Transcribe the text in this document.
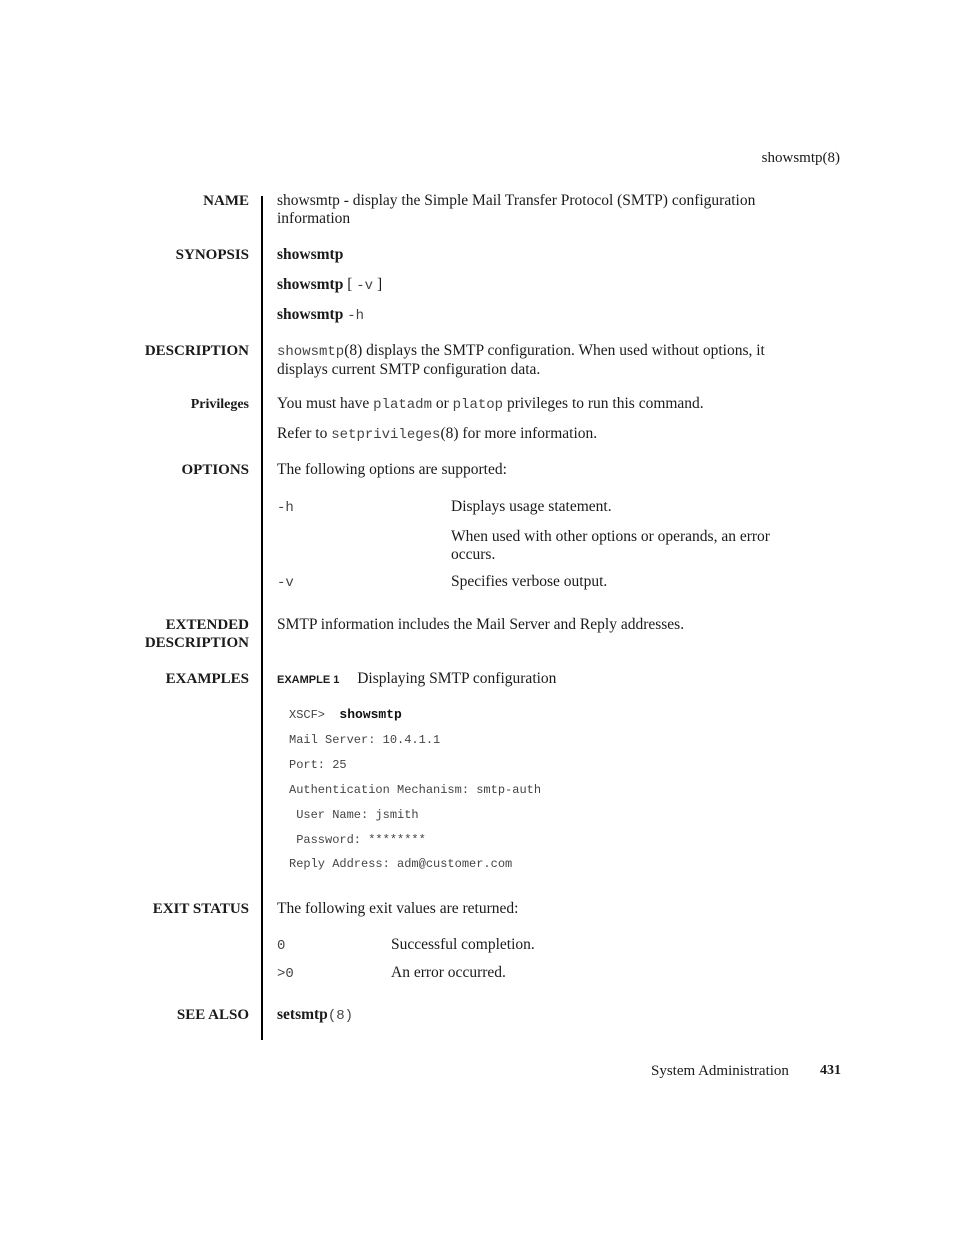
showsmtp(8)
NAME showsmtp - display the Simple Mail Transfer Protocol (SMTP) configuration
information
SYNOPSIS showsmtp
showsmtp [ -v ]
showsmtp -h
DESCRIPTION showsmtp(8) displays the SMTP configuration. When used without options, it
displays current SMTP configuration data.
Privileges You must have platadm or platop privileges to run this command.
Refer to setprivileges(8) for more information.
OPTIONS The following options are supported:
-h	Displays usage statement.
When used with other options or operands, an error
occurs.
-v	Specifies verbose output.
EXTENDED
DESCRIPTION
SMTP information includes the Mail Server and Reply addresses.
EXAMPLES	EXAMPLE 1 Displaying SMTP configuration
XSCF> showsmtp
Mail Server: 10.4.1.1
Port: 25
Authentication Mechanism: smtp-auth
User Name: jsmith
Password: ********
Reply Address: adm@customer.com
EXIT STATUS The following exit values are returned:
0	Successful completion.
>0	An error occurred.
SEE ALSO setsmtp(8)
System Administration 431
